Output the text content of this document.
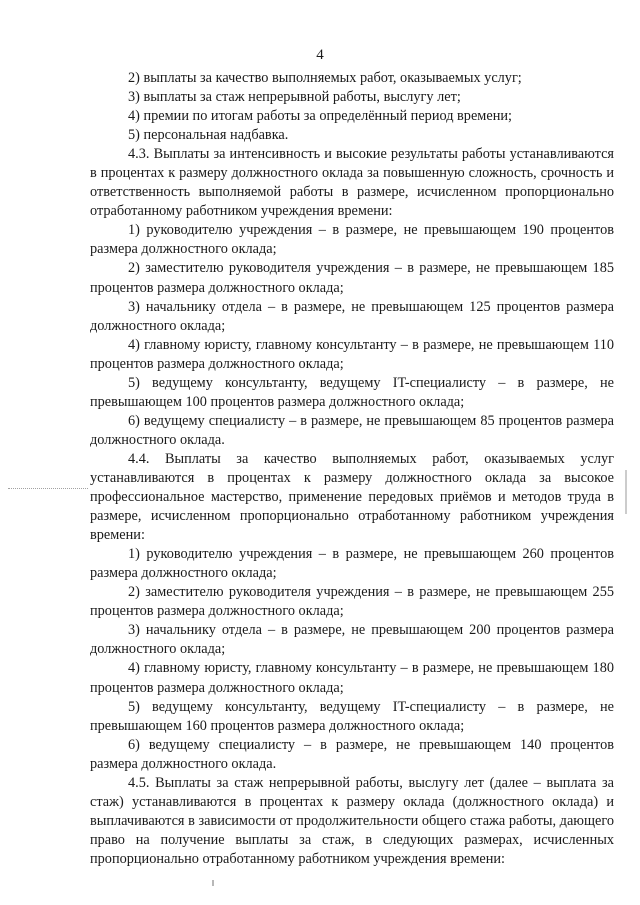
4

2) выплаты за качество выполняемых работ, оказываемых услуг;

3) выплаты за стаж непрерывной работы, выслугу лет;

4) премии по итогам работы за определённый период времени;

5) персональная надбавка.

4.3. Выплаты за интенсивность и высокие результаты работы устанавливаются в процентах к размеру должностного оклада за повышенную сложность, срочность и ответственность выполняемой работы в размере, исчисленном пропорционально отработанному работником учреждения времени:

1) руководителю учреждения – в размере, не превышающем 190 процентов размера должностного оклада;

2) заместителю руководителя учреждения – в размере, не превышающем 185 процентов размера должностного оклада;

3) начальнику отдела – в размере, не превышающем 125 процентов размера должностного оклада;

4) главному юристу, главному консультанту – в размере, не превышающем 110 процентов размера должностного оклада;

5) ведущему консультанту, ведущему IT-специалисту – в размере, не превышающем 100 процентов размера должностного оклада;

6) ведущему специалисту – в размере, не превышающем 85 процентов размера должностного оклада.

4.4. Выплаты за качество выполняемых работ, оказываемых услуг устанавливаются в процентах к размеру должностного оклада за высокое профессиональное мастерство, применение передовых приёмов и методов труда в размере, исчисленном пропорционально отработанному работником учреждения времени:

1) руководителю учреждения – в размере, не превышающем 260 процентов размера должностного оклада;

2) заместителю руководителя учреждения – в размере, не превышающем 255 процентов размера должностного оклада;

3) начальнику отдела – в размере, не превышающем 200 процентов размера должностного оклада;

4) главному юристу, главному консультанту – в размере, не превышающем 180 процентов размера должностного оклада;

5) ведущему консультанту, ведущему IT-специалисту – в размере, не превышающем 160 процентов размера должностного оклада;

6) ведущему специалисту – в размере, не превышающем 140 процентов размера должностного оклада.

4.5. Выплаты за стаж непрерывной работы, выслугу лет (далее – выплата за стаж) устанавливаются в процентах к размеру оклада (должностного оклада) и выплачиваются в зависимости от продолжительности общего стажа работы, дающего право на получение выплаты за стаж, в следующих размерах, исчисленных пропорционально отработанному работником учреждения времени:
